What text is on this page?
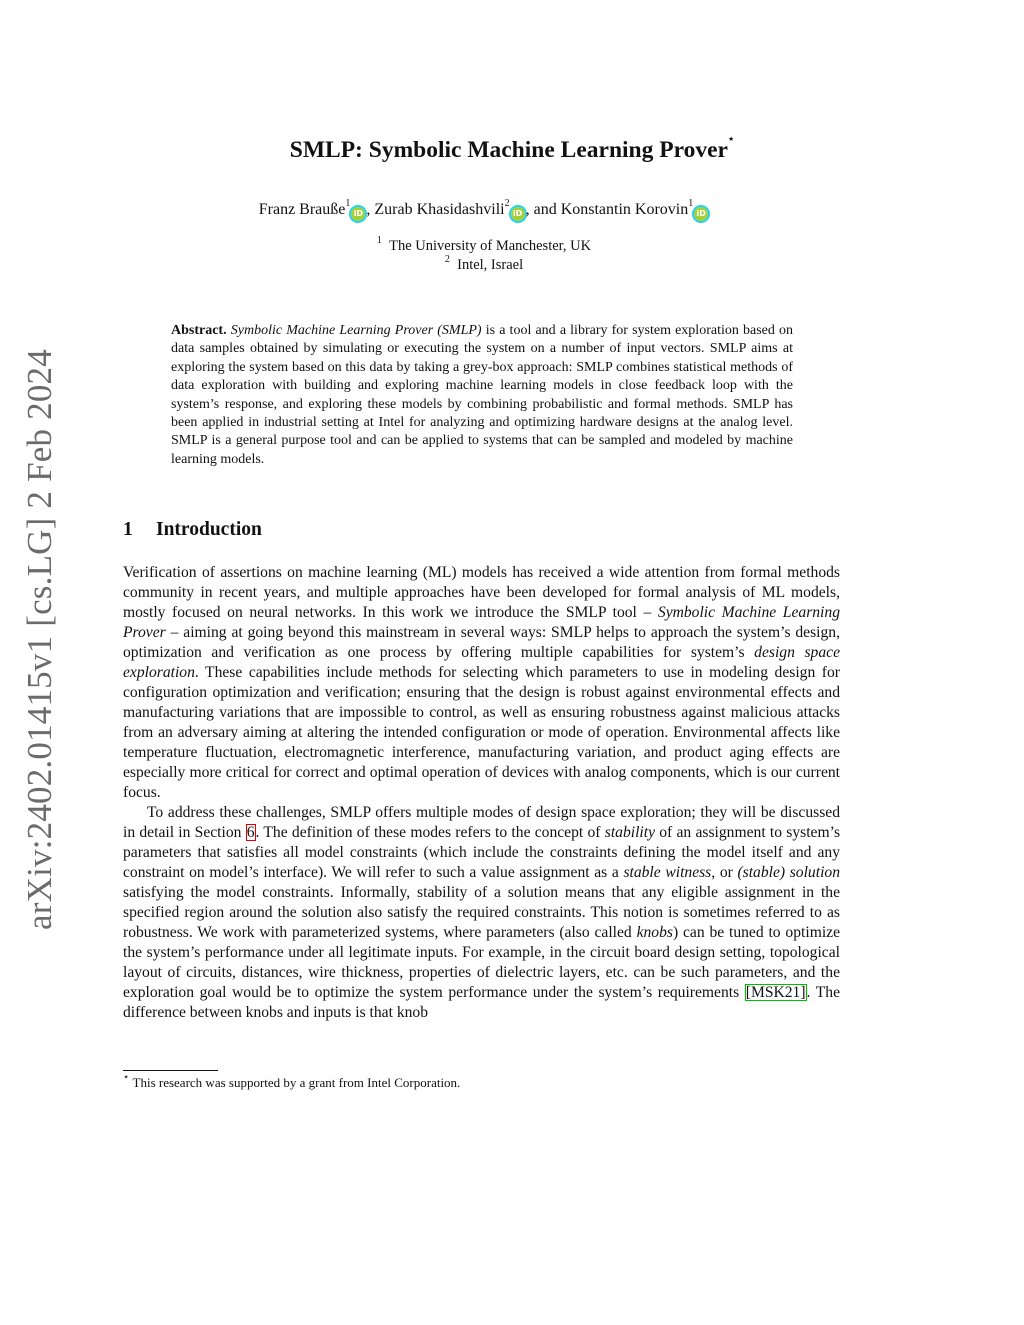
arXiv:2402.01415v1 [cs.LG] 2 Feb 2024
SMLP: Symbolic Machine Learning Prover⋆
Franz Brauße$^1$iD , Zurab Khasidashvili$^2$iD , and Konstantin Korovin$^1$iD
$^1$ The University of Manchester, UK
$^2$ Intel, Israel
Abstract. Symbolic Machine Learning Prover (SMLP) is a tool and a library for system exploration based on data samples obtained by simulating or executing the system on a number of input vectors. SMLP aims at exploring the system based on this data by taking a grey-box approach: SMLP combines statistical methods of data exploration with building and exploring machine learning models in close feedback loop with the system’s response, and exploring these models by combining probabilistic and formal methods. SMLP has been applied in industrial setting at Intel for analyzing and optimizing hardware designs at the analog level. SMLP is a general purpose tool and can be applied to systems that can be sampled and modeled by machine learning models.
1 Introduction

Verification of assertions on machine learning (ML) models has received a wide attention from formal methods community in recent years, and multiple approaches have been developed for formal analysis of ML models, mostly focused on neural networks. In this work we introduce the SMLP tool – Symbolic Machine Learning Prover – aiming at going beyond this mainstream in several ways: SMLP helps to approach the system’s design, optimization and verification as one process by offering multiple capabilities for system’s design space exploration. These capabilities include methods for selecting which parameters to use in modeling design for configuration optimization and verification; ensuring that the design is robust against environmental effects and manufacturing variations that are impossible to control, as well as ensuring robustness against malicious attacks from an adversary aiming at altering the intended configuration or mode of operation. Environmental affects like temperature fluctuation, electromagnetic interference, manufacturing variation, and product aging effects are especially more critical for correct and optimal operation of devices with analog components, which is our current focus.

To address these challenges, SMLP offers multiple modes of design space exploration; they will be discussed in detail in Section 6. The definition of these modes refers to the concept of stability of an assignment to system’s parameters that satisfies all model constraints (which include the constraints defining the model itself and any constraint on model’s interface). We will refer to such a value assignment as a stable witness, or (stable) solution satisfying the model constraints. Informally, stability of a solution means that any eligible assignment in the specified region around the solution also satisfy the required constraints. This notion is sometimes referred to as robustness. We work with parameterized systems, where parameters (also called knobs) can be tuned to optimize the system’s performance under all legitimate inputs. For example, in the circuit board design setting, topological layout of circuits, distances, wire thickness, properties of dielectric layers, etc. can be such parameters, and the exploration goal would be to optimize the system performance under the system’s requirements [MSK21]. The difference between knobs and inputs is that knob

⋆ This research was supported by a grant from Intel Corporation.
